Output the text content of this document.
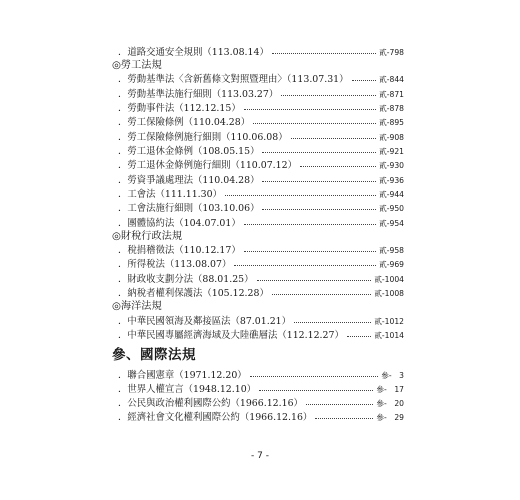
．道路交通安全規則（113.08.14）	貳-798
◎勞工法規
．勞動基準法〈含新舊條文對照暨理由〉（113.07.31）	貳-844
．勞動基準法施行細則（113.03.27）	貳-871
．勞動事件法（112.12.15）	貳-878
．勞工保險條例（110.04.28）	貳-895
．勞工保險條例施行細則（110.06.08）	貳-908
．勞工退休金條例（108.05.15）	貳-921
．勞工退休金條例施行細則（110.07.12）	貳-930
．勞資爭議處理法（110.04.28）	貳-936
．工會法（111.11.30）	貳-944
．工會法施行細則（103.10.06）	貳-950
．團體協約法（104.07.01）	貳-954
◎財稅行政法規
．稅捐稽徵法（110.12.17）	貳-958
．所得稅法（113.08.07）	貳-969
．財政收支劃分法（88.01.25）	貳-1004
．納稅者權利保護法（105.12.28）	貳-1008
◎海洋法規
．中華民國領海及鄰接區法（87.01.21）	貳-1012
．中華民國專屬經濟海域及大陸礁層法（112.12.27）	貳-1014
參、國際法規
．聯合國憲章（1971.12.20）	參-　3
．世界人權宣言（1948.12.10）	參-　17
．公民與政治權利國際公約（1966.12.16）	參-　20
．經濟社會文化權利國際公約（1966.12.16）	參-　29
- 7 -
